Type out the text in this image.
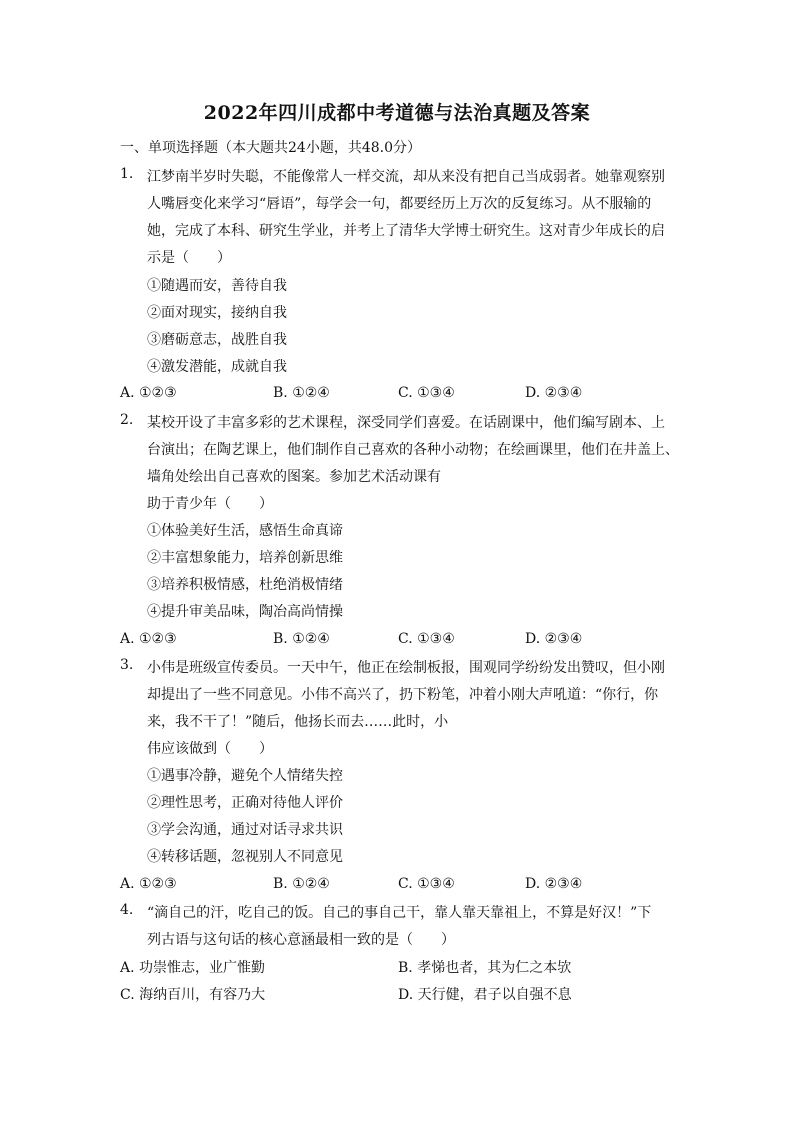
2022年四川成都中考道德与法治真题及答案
一、单项选择题（本大题共24小题，共48.0分）
1. 江梦南半岁时失聪，不能像常人一样交流，却从来没有把自己当成弱者。她靠观察别
人嘴唇变化来学习“唇语”，每学会一句，都要经历上万次的反复练习。从不服输的
她，完成了本科、研究生学业，并考上了清华大学博士研究生。这对青少年成长的启
示是（　　）
①随遇而安，善待自我
②面对现实，接纳自我
③磨砺意志，战胜自我
④激发潜能，成就自我
A. ①②③	B. ①②④	C. ①③④	D. ②③④
2. 某校开设了丰富多彩的艺术课程，深受同学们喜爱。在话剧课中，他们编写剧本、上
台演出；在陶艺课上，他们制作自己喜欢的各种小动物；在绘画课里，他们在井盖上、
墙角处绘出自己喜欢的图案。参加艺术活动课有
助于青少年（　　）
①体验美好生活，感悟生命真谛
②丰富想象能力，培养创新思维
③培养积极情感，杜绝消极情绪
④提升审美品味，陶冶高尚情操
A. ①②③	B. ①②④	C. ①③④	D. ②③④
3. 小伟是班级宣传委员。一天中午，他正在绘制板报，围观同学纷纷发出赞叹，但小刚
却提出了一些不同意见。小伟不高兴了，扔下粉笔，冲着小刚大声吼道：“你行，你
来，我不干了！”随后，他扬长而去……此时，小
伟应该做到（　　）
①遇事冷静，避免个人情绪失控
②理性思考，正确对待他人评价
③学会沟通，通过对话寻求共识
④转移话题，忽视别人不同意见
A. ①②③	B. ①②④	C. ①③④	D. ②③④
4. “滴自己的汗，吃自己的饭。自己的事自己干，靠人靠天靠祖上，不算是好汉！”下
列古语与这句话的核心意涵最相一致的是（　　）
A. 功崇惟志，业广惟勤	B. 孝悌也者，其为仁之本欤
C. 海纳百川，有容乃大	D. 天行健，君子以自强不息
